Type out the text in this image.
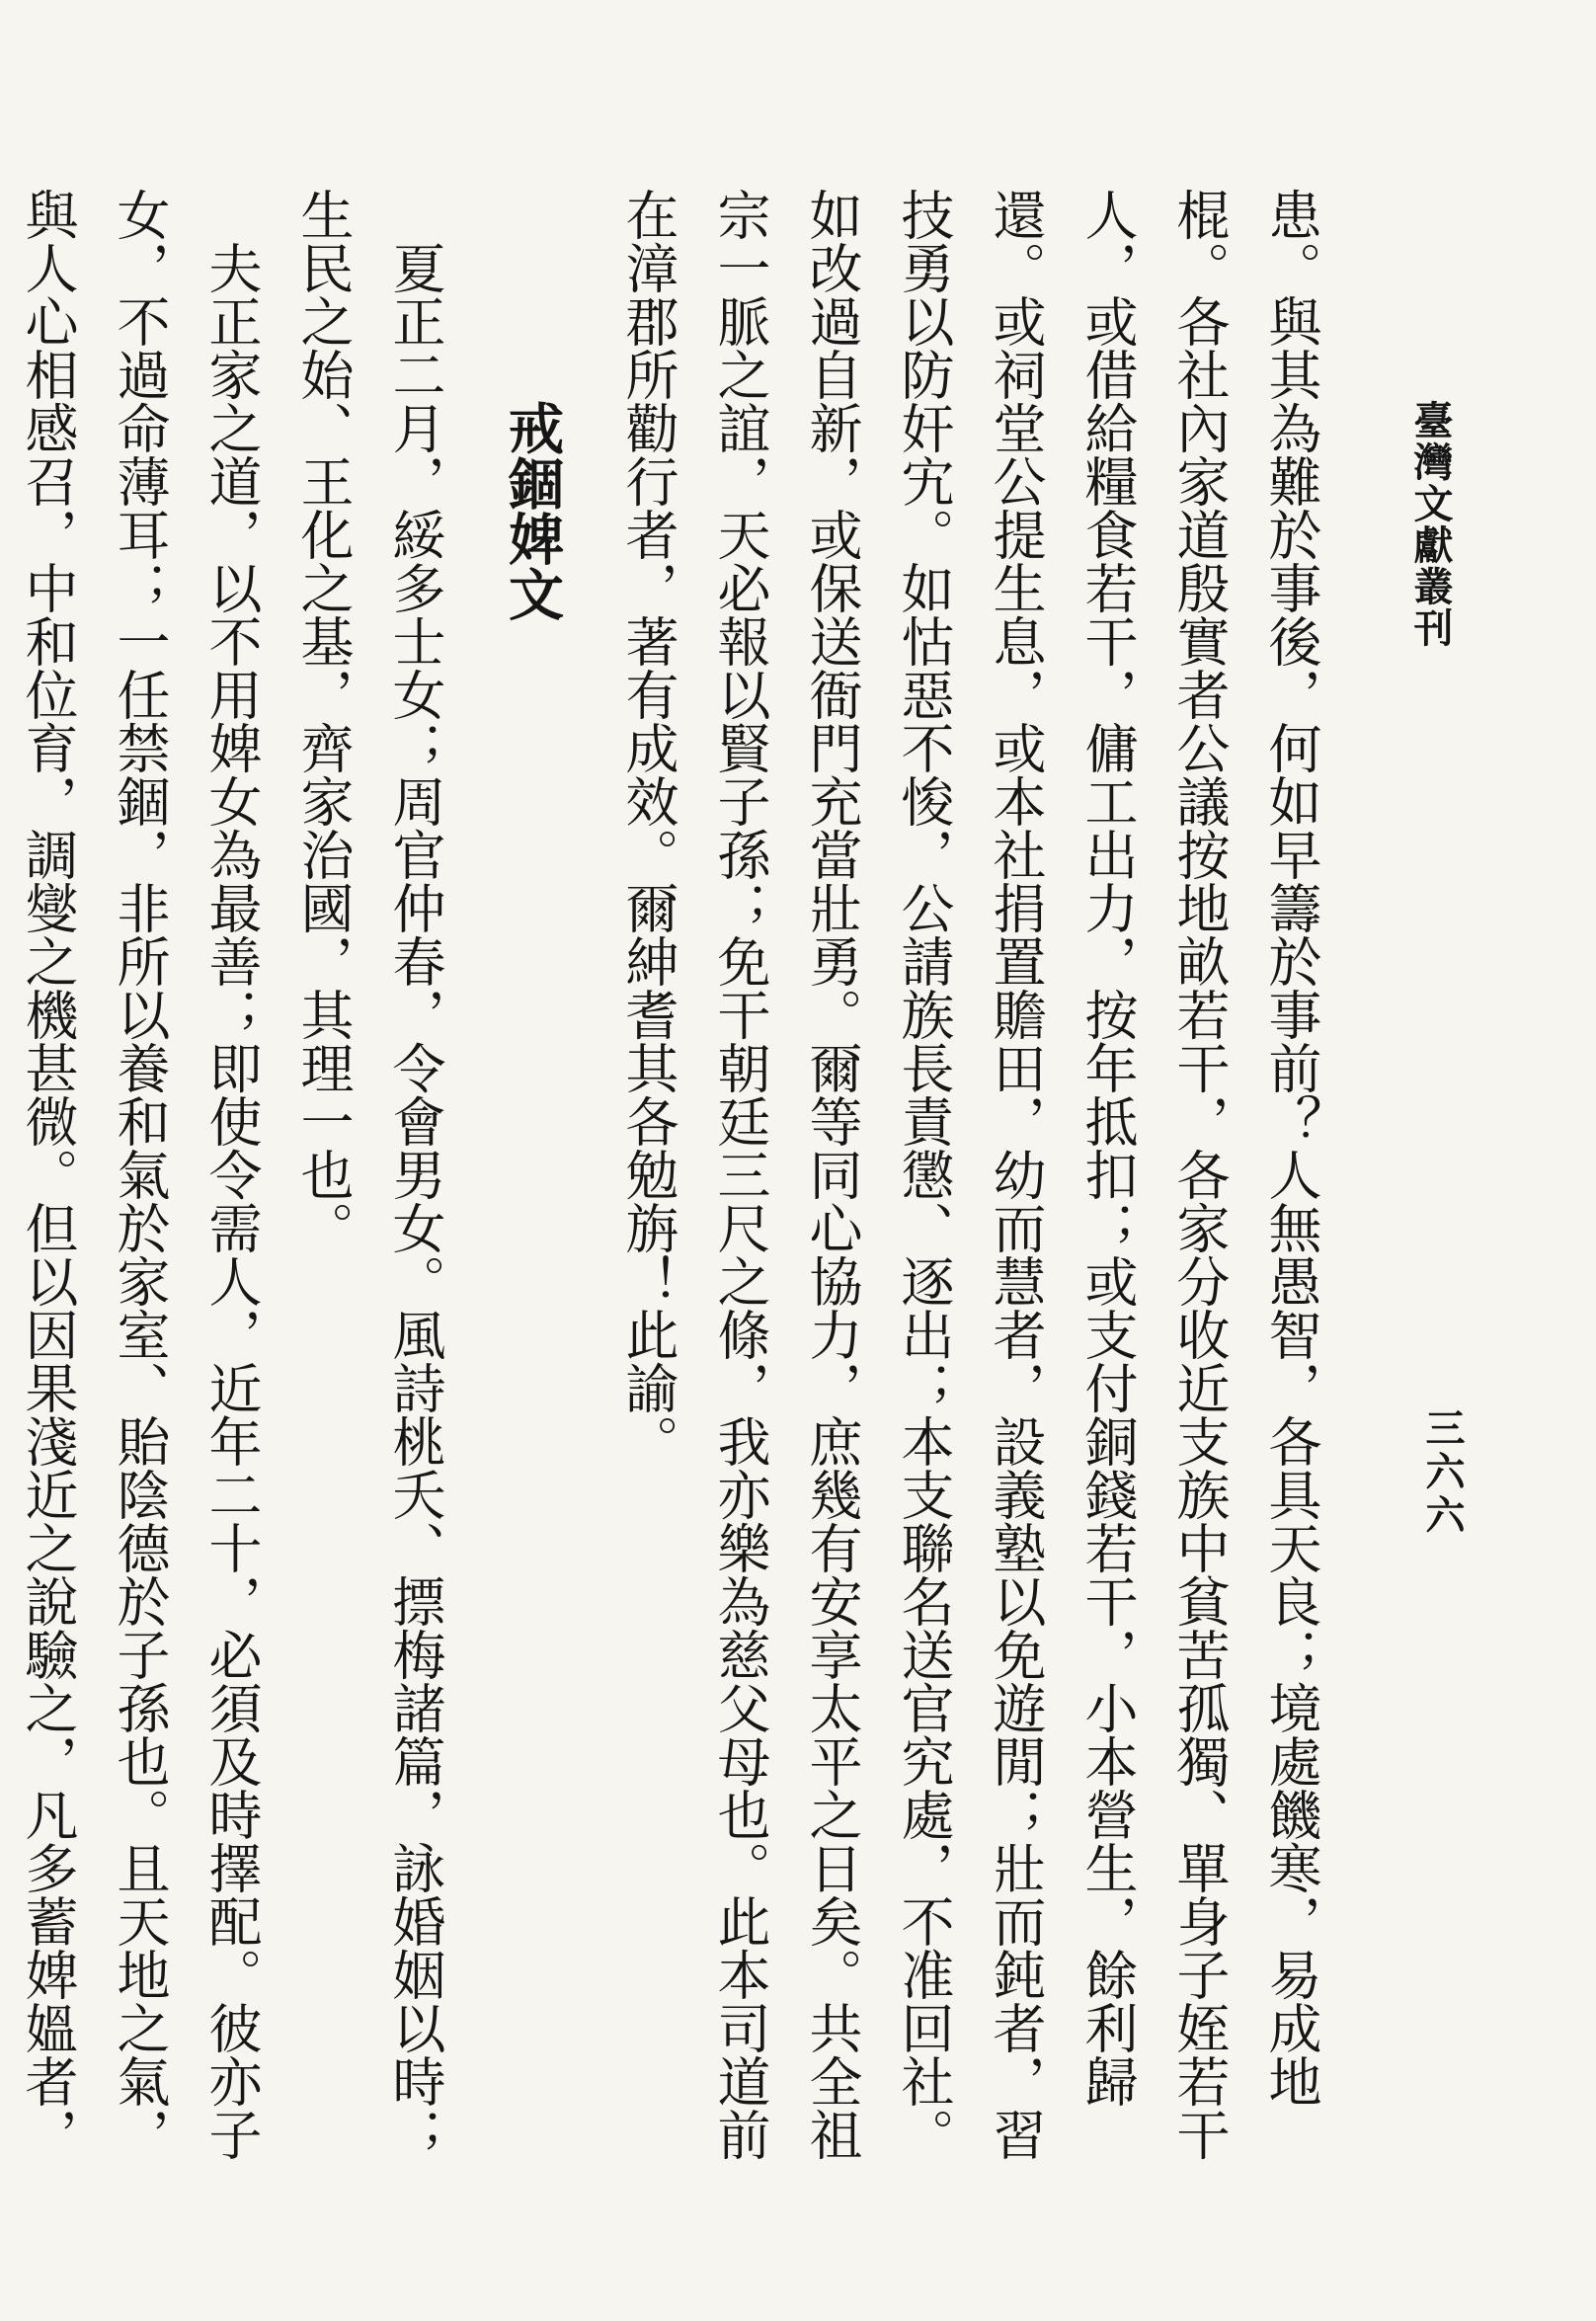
臺灣文獻叢刊
三六六

患。與其為難於事後，何如早籌於事前？人無愚智，各具天良；境處饑寒，易成地棍。各社內家道殷實者公議按地畝若干，各家分收近支族中貧苦孤獨、單身子姪若干人，或借給糧食若干，傭工出力，按年抵扣；或支付銅錢若干，小本營生，餘利歸還。或祠堂公提生息，或本社捐置贍田，幼而慧者，設義塾以免遊閒；壯而鈍者，習技勇以防奸宄。如怙惡不悛，公請族長責懲、逐出；本支聯名送官究處，不准回社。如改過自新，或保送衙門充當壯勇。爾等同心協力，庶幾有安享太平之日矣。共全祖宗一脈之誼，天必報以賢子孫；免干朝廷三尺之條，我亦樂為慈父母也。此本司道前在漳郡所勸行者，著有成效。爾紳耆其各勉旃！此諭。

戒錮婢文

夏正二月，綏多士女；周官仲春，令會男女。風詩桃夭、摽梅諸篇，詠婚姻以時；生民之始、王化之基，齊家治國，其理一也。

夫正家之道，以不用婢女為最善；即使令需人，近年二十，必須及時擇配。彼亦子女，不過命薄耳；一任禁錮，非所以養和氣於家室、貽陰德於子孫也。且天地之氣，與人心相感召，中和位育，調燮之機甚微。但以因果淺近之說驗之，凡多蓄婢媼者，
